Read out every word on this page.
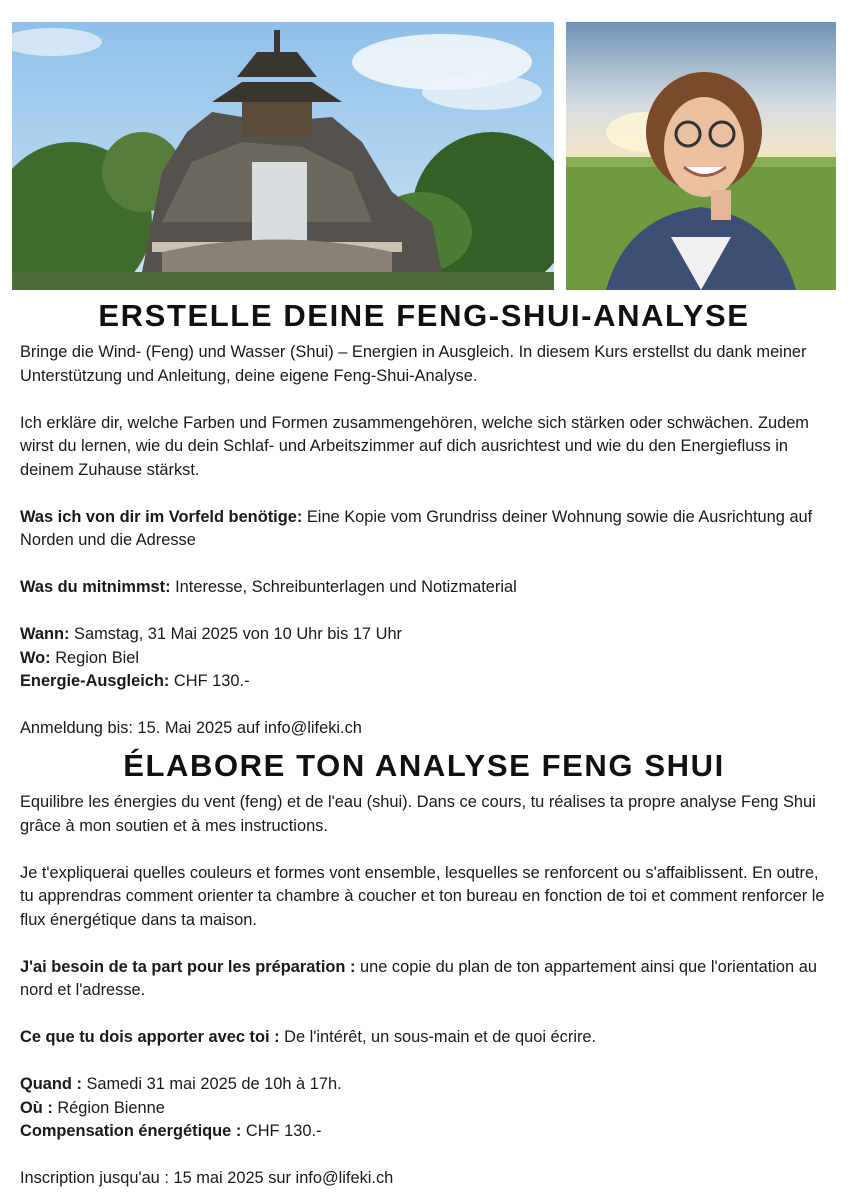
ERSTELLE DEINE FENG-SHUI-ANALYSE

Bringe die Wind- (Feng) und Wasser (Shui) – Energien in Ausgleich. In diesem Kurs erstellst du dank meiner Unterstützung und Anleitung, deine eigene Feng-Shui-Analyse.

Ich erkläre dir, welche Farben und Formen zusammengehören, welche sich stärken oder schwächen. Zudem wirst du lernen, wie du dein Schlaf- und Arbeitszimmer auf dich ausrichtest und wie du den Energiefluss in deinem Zuhause stärkst.

Was ich von dir im Vorfeld benötige: Eine Kopie vom Grundriss deiner Wohnung sowie die Ausrichtung auf Norden und die Adresse

Was du mitnimmst: Interesse, Schreibunterlagen und Notizmaterial

Wann: Samstag, 31 Mai 2025 von 10 Uhr bis 17 Uhr

Wo: Region Biel

Energie-Ausgleich: CHF 130.-

Anmeldung bis: 15. Mai 2025 auf info@lifeki.ch

ÉLABORE TON ANALYSE FENG SHUI

Equilibre les énergies du vent (feng) et de l'eau (shui). Dans ce cours, tu réalises ta propre analyse Feng Shui grâce à mon soutien et à mes instructions.

Je t'expliquerai quelles couleurs et formes vont ensemble, lesquelles se renforcent ou s'affaiblissent. En outre, tu apprendras comment orienter ta chambre à coucher et ton bureau en fonction de toi et comment renforcer le flux énergétique dans ta maison.

J'ai besoin de ta part pour les préparation : une copie du plan de ton appartement ainsi que l'orientation au nord et l'adresse.

Ce que tu dois apporter avec toi : De l'intérêt, un sous-main et de quoi écrire.

Quand : Samedi 31 mai 2025 de 10h à 17h.

Où : Région Bienne

Compensation énergétique : CHF 130.-

Inscription jusqu'au : 15 mai 2025 sur info@lifeki.ch
